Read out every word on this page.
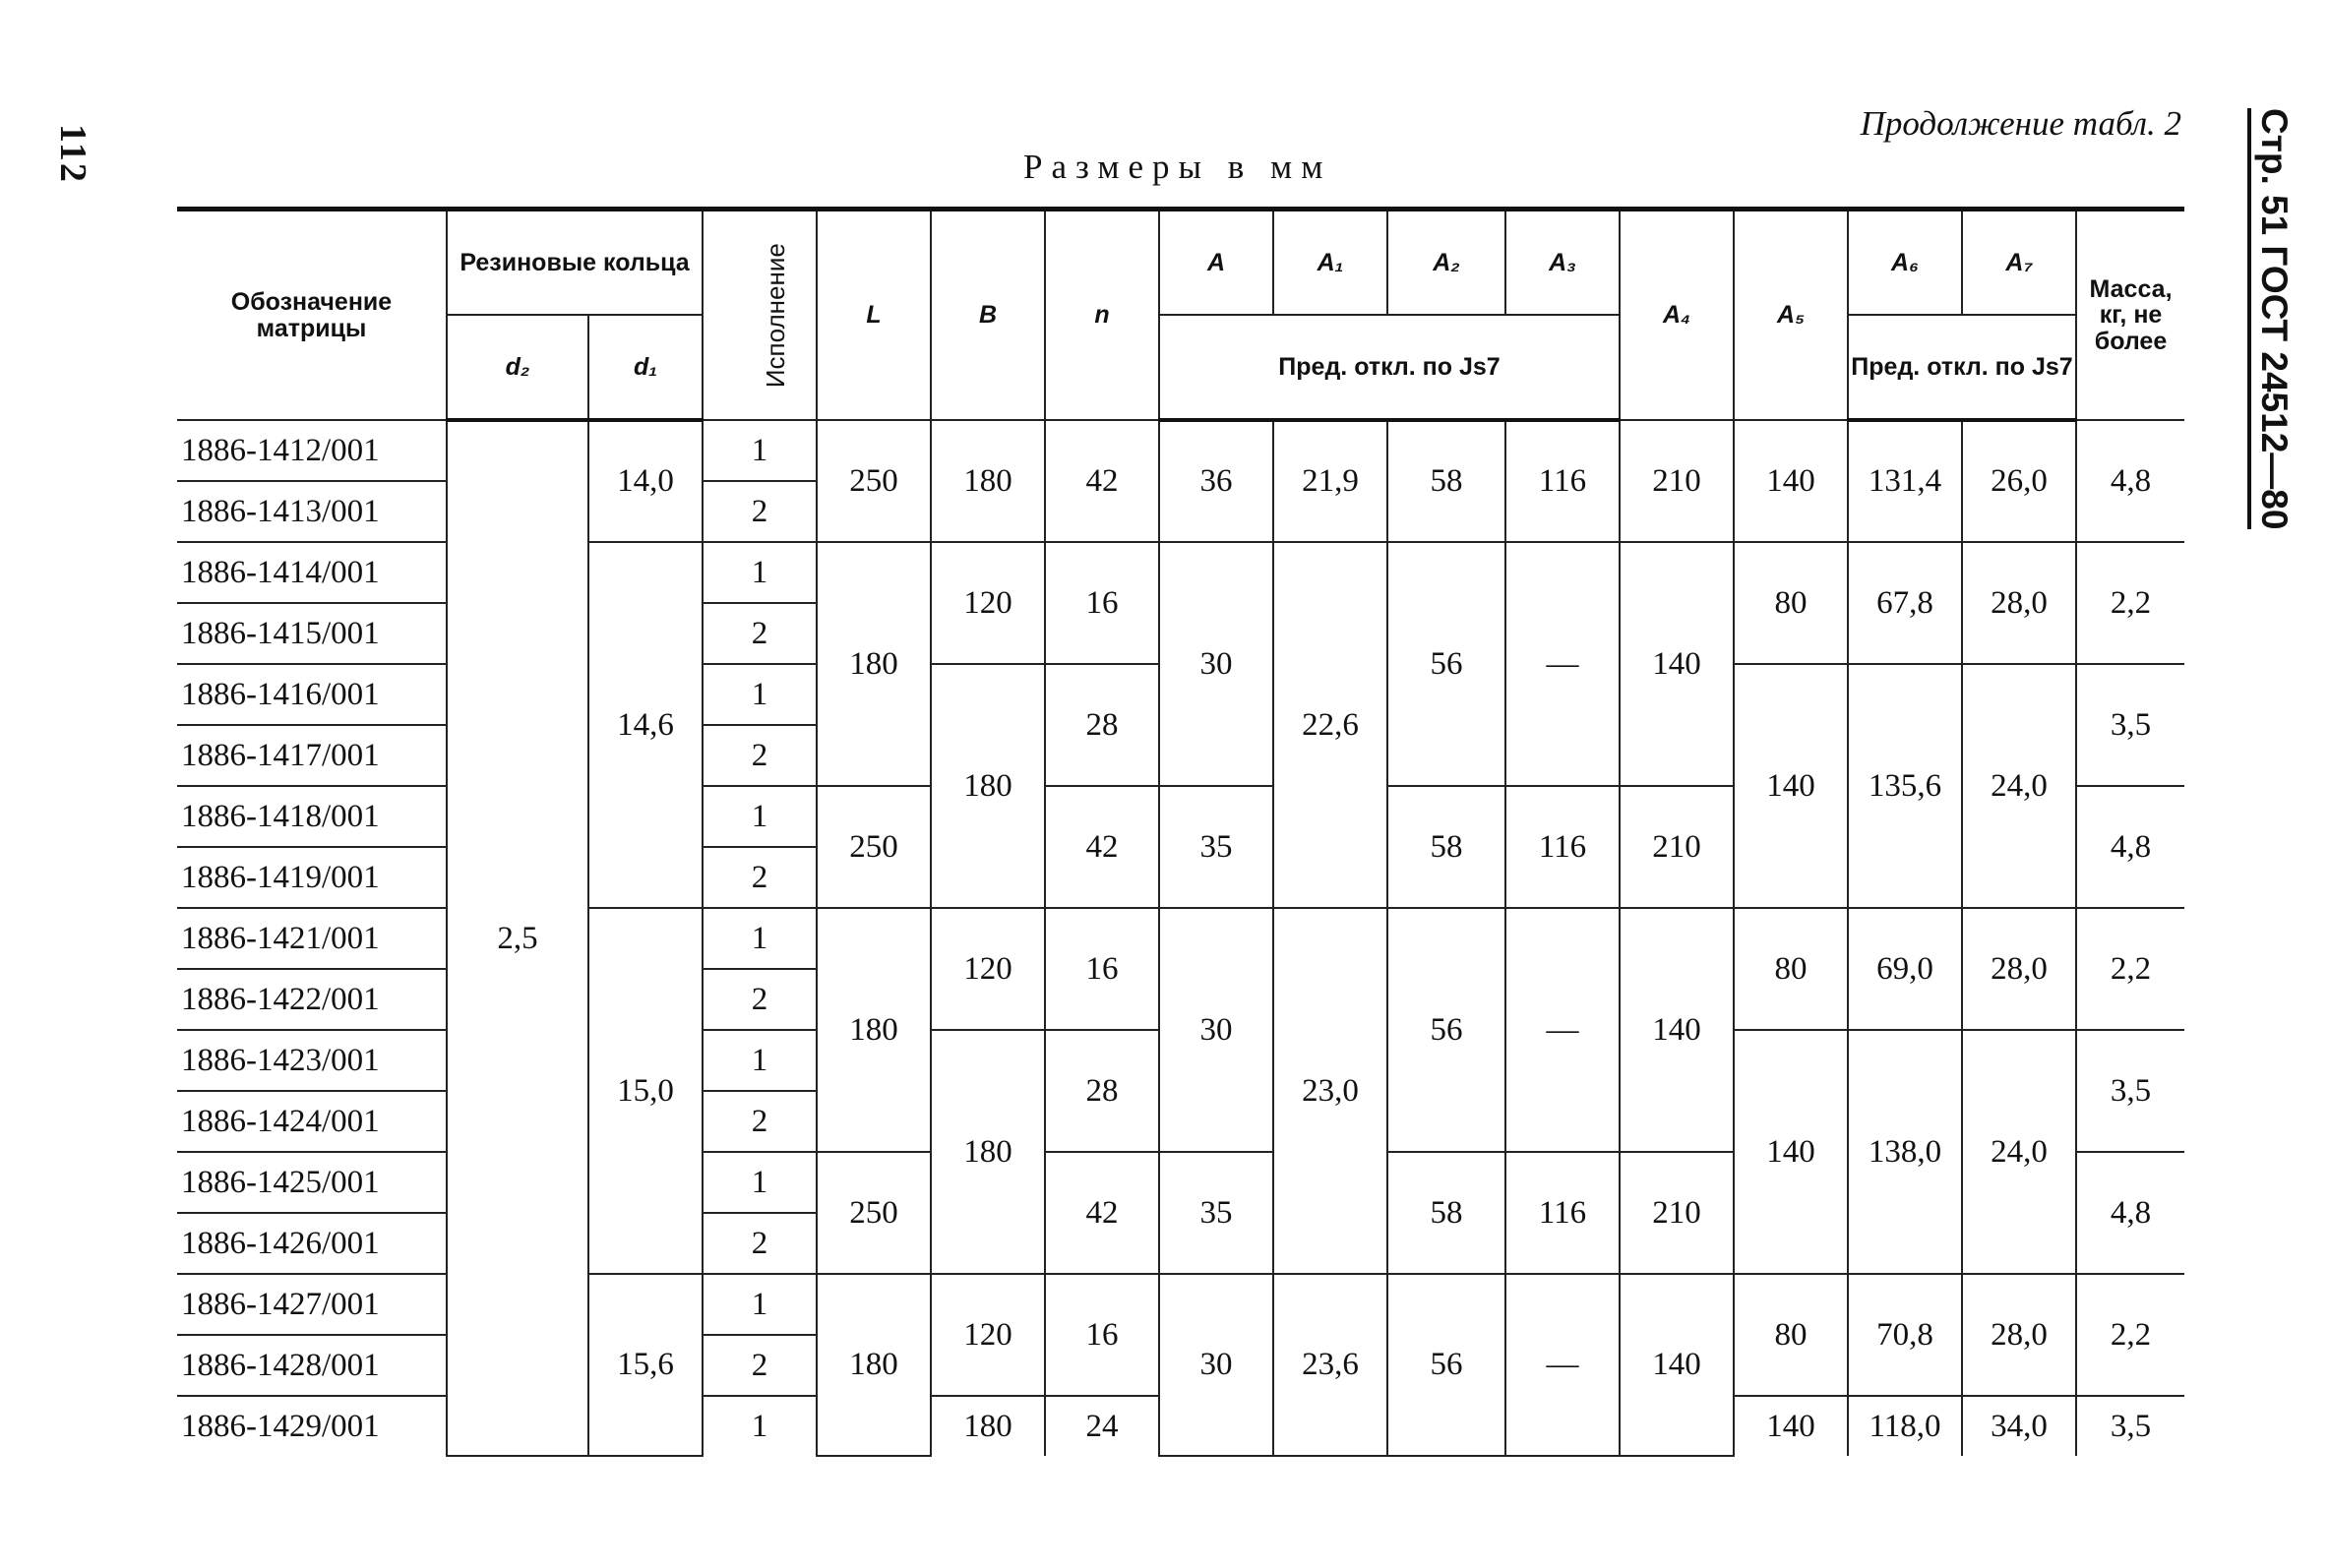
112	Стр. 51 ГОСТ 24512—80
Продолжение табл. 2
Размеры в мм
Обозначение матрицы	Резиновые кольца		Исполнение	L	B	n	A	A₁	A₂	A₃	A₄	A₅	A₆	A₇	Масса, кг, не более
	d₂	d₁					Пред. откл. по Js7						Пред. откл. по Js7		
1886-1412/001	2,5	14,0	1	250	180	42	36	21,9	58	116	210	140	131,4	26,0	4,8
1886-1413/001			2												
1886-1414/001		14,6	1	180	120	16	30	22,6	56	—	140	80	67,8	28,0	2,2
1886-1415/001			2												
1886-1416/001			1		180	28						140	135,6	24,0	3,5
1886-1417/001			2												
1886-1418/001			1	250		42	35		58	116	210				4,8
1886-1419/001			2												
1886-1421/001		15,0	1	180	120	16	30	23,0	56	—	140	80	69,0	28,0	2,2
1886-1422/001			2												
1886-1423/001			1		180	28						140	138,0	24,0	3,5
1886-1424/001			2												
1886-1425/001			1	250		42	35		58	116	210				4,8
1886-1426/001			2												
1886-1427/001		15,6	1	180	120	16	30	23,6	56	—	140	80	70,8	28,0	2,2
1886-1428/001			2												
1886-1429/001			1		180	24						140	118,0	34,0	3,5
